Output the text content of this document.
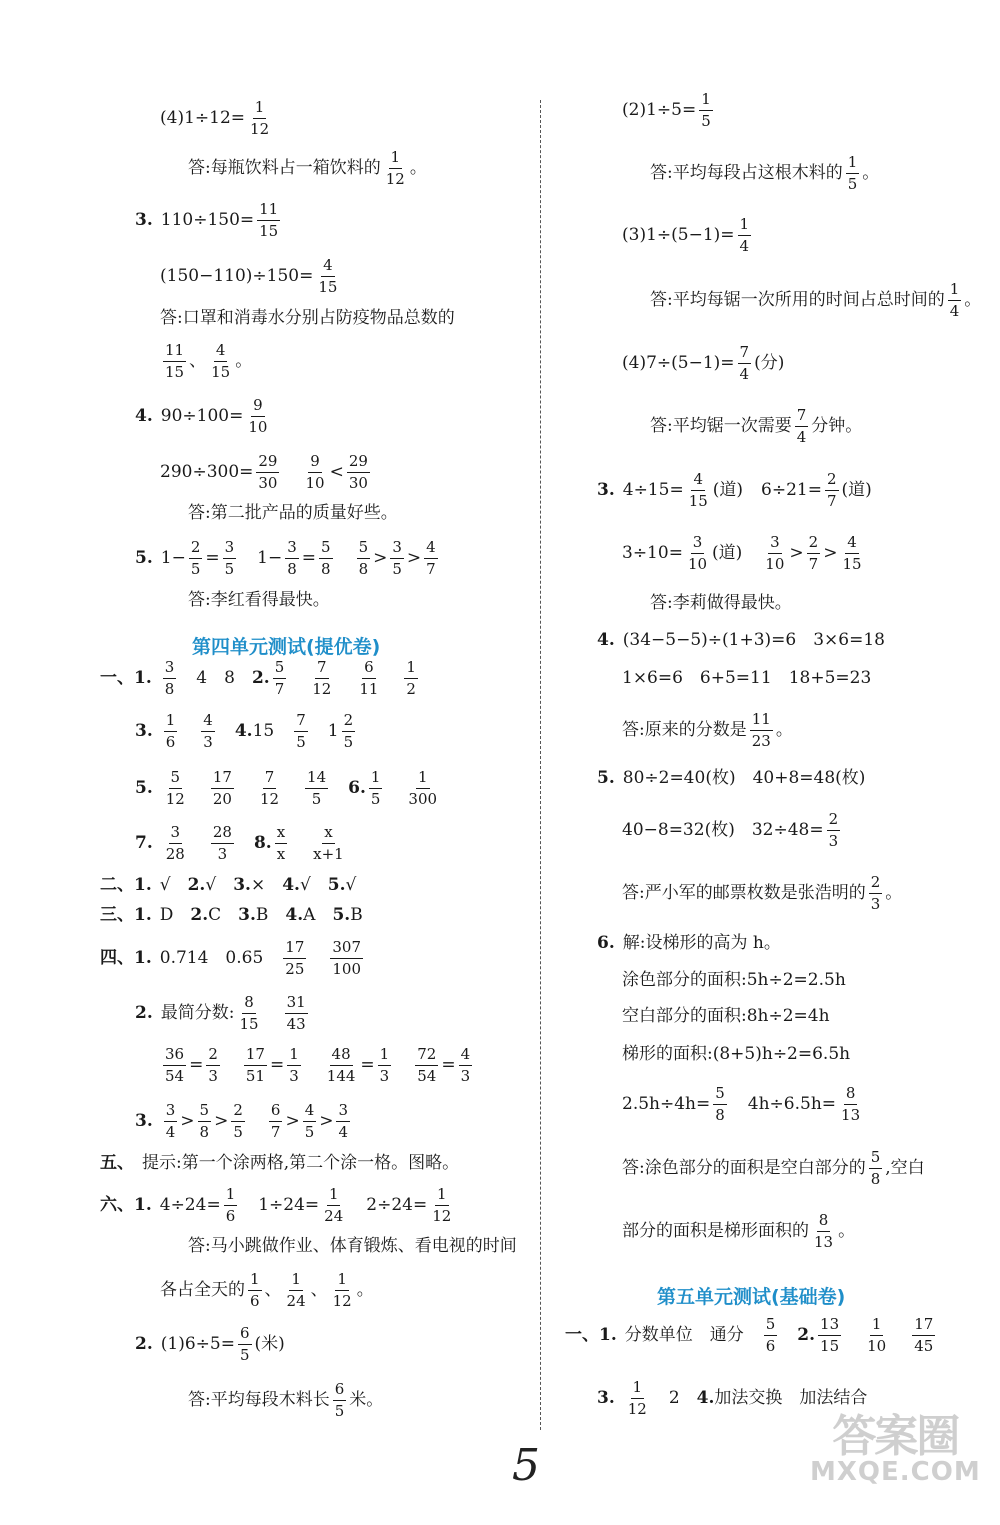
$(4)1\div 12= \frac{1}{12}$
答:每瓶饮料占一箱饮料的 $\frac{1}{12}$ 。
3. $110\div 150= \frac{11}{15}$
$(150-110)\div 150= \frac{4}{15}$
答:口罩和消毒水分别占防疫物品总数的
$\frac{11}{15}$ 、 $\frac{4}{15}$ 。
4. $90\div 100= \frac{9}{10}$
$290\div 300= \frac{29}{30} \frac{9}{10} < \frac{29}{30}$
答:第二批产品的质量好些。
5. $1- \frac{2}{5} = \frac{3}{5} 1- \frac{3}{8} = \frac{5}{8} \frac{5}{8} > \frac{3}{5} > \frac{4}{7}$
答:李红看得最快。
一、1. $\frac{3}{8}$ 　4　8　 2. $\frac{5}{7} \frac{7}{12} \frac{6}{11} \frac{1}{2}$
3. $\frac{1}{6} \frac{4}{3}$
　 4. 15　 $\frac{7}{5}$ 　$1 \frac{2}{5}$
5. $\frac{5}{12} \frac{17}{20} \frac{7}{12} \frac{14}{5}$
　 6. $\frac{1}{5} \frac{1}{300}$
7. $\frac{3}{28} \frac{28}{3}$
　 8. $\frac{x}{x} \frac{x}{x+1}$
二、1. √　 2. √　 3. ×　 4. √　 5. √
三、1. D　 2. C　 3. B　 4. A　 5. B
四、1. 0.714　0.65　 $\frac{17}{25} \frac{307}{100}$
2. 最简分数: $\frac{8}{15} \frac{31}{43}$
$\frac{36}{54} = \frac{2}{3} \frac{17}{51} = \frac{1}{3} \frac{48}{144} = \frac{1}{3} \frac{72}{54} = \frac{4}{3}$
3. $\frac{3}{4} > \frac{5}{8} > \frac{2}{5} \frac{6}{7} > \frac{4}{5} > \frac{3}{4}$
五、 提示:第一个涂两格,第二个涂一格。图略。
六、1. $4\div 24= \frac{1}{6} 1\div 24= \frac{1}{24} 2\div 24= \frac{1}{12}$
答:马小跳做作业、体育锻炼、看电视的时间
各占全天的 $\frac{1}{6}$ 、 $\frac{1}{24}$ 、 $\frac{1}{12}$ 。
2. $(1)6\div 5= \frac{6}{5}$ (米)
答:平均每段木料长 $\frac{6}{5}$ 米。
$(2)1\div 5= \frac{1}{5}$
答:平均每段占这根木料的 $\frac{1}{5}$ 。
$(3)1\div(5-1)= \frac{1}{4}$
答:平均每锯一次所用的时间占总时间的 $\frac{1}{4}$ 。
$(4)7\div(5-1)= \frac{7}{4}$ (分)
答:平均锯一次需要 $\frac{7}{4}$ 分钟。
3. $4\div 15= \frac{4}{15}$ (道) $6\div 21= \frac{2}{7}$ (道)
$3\div 10= \frac{3}{10}$ (道) $\frac{3}{10} > \frac{2}{7} > \frac{4}{15}$
答:李莉做得最快。
4. (34−5−5)÷(1+3)=6　3×6=18
1×6=6　6+5=11　18+5=23
答:原来的分数是 $\frac{11}{23}$ 。
5. 80÷2=40(枚)　40+8=48(枚)
40−8=32(枚)　$32\div 48= \frac{2}{3}$
答:严小军的邮票枚数是张浩明的 $\frac{2}{3}$ 。
6. 解:设梯形的高为 h。
涂色部分的面积:5h÷2=2.5h
空白部分的面积:8h÷2=4h
梯形的面积:(8+5)h÷2=6.5h
$2.5h\div 4h= \frac{5}{8} 4h\div 6.5h= \frac{8}{13}$
答:涂色部分的面积是空白部分的 $\frac{5}{8}$ ,空白
部分的面积是梯形面积的 $\frac{8}{13}$ 。
一、1. 分数单位　通分　 $\frac{5}{6}$
　 2. $\frac{13}{15} \frac{1}{10} \frac{17}{45}$
3. $\frac{1}{12}$ 　2　 4. 加法交换　加法结合
第四单元测试(提优卷)
第五单元测试(基础卷)
5
答案圈
MXQE.COM
